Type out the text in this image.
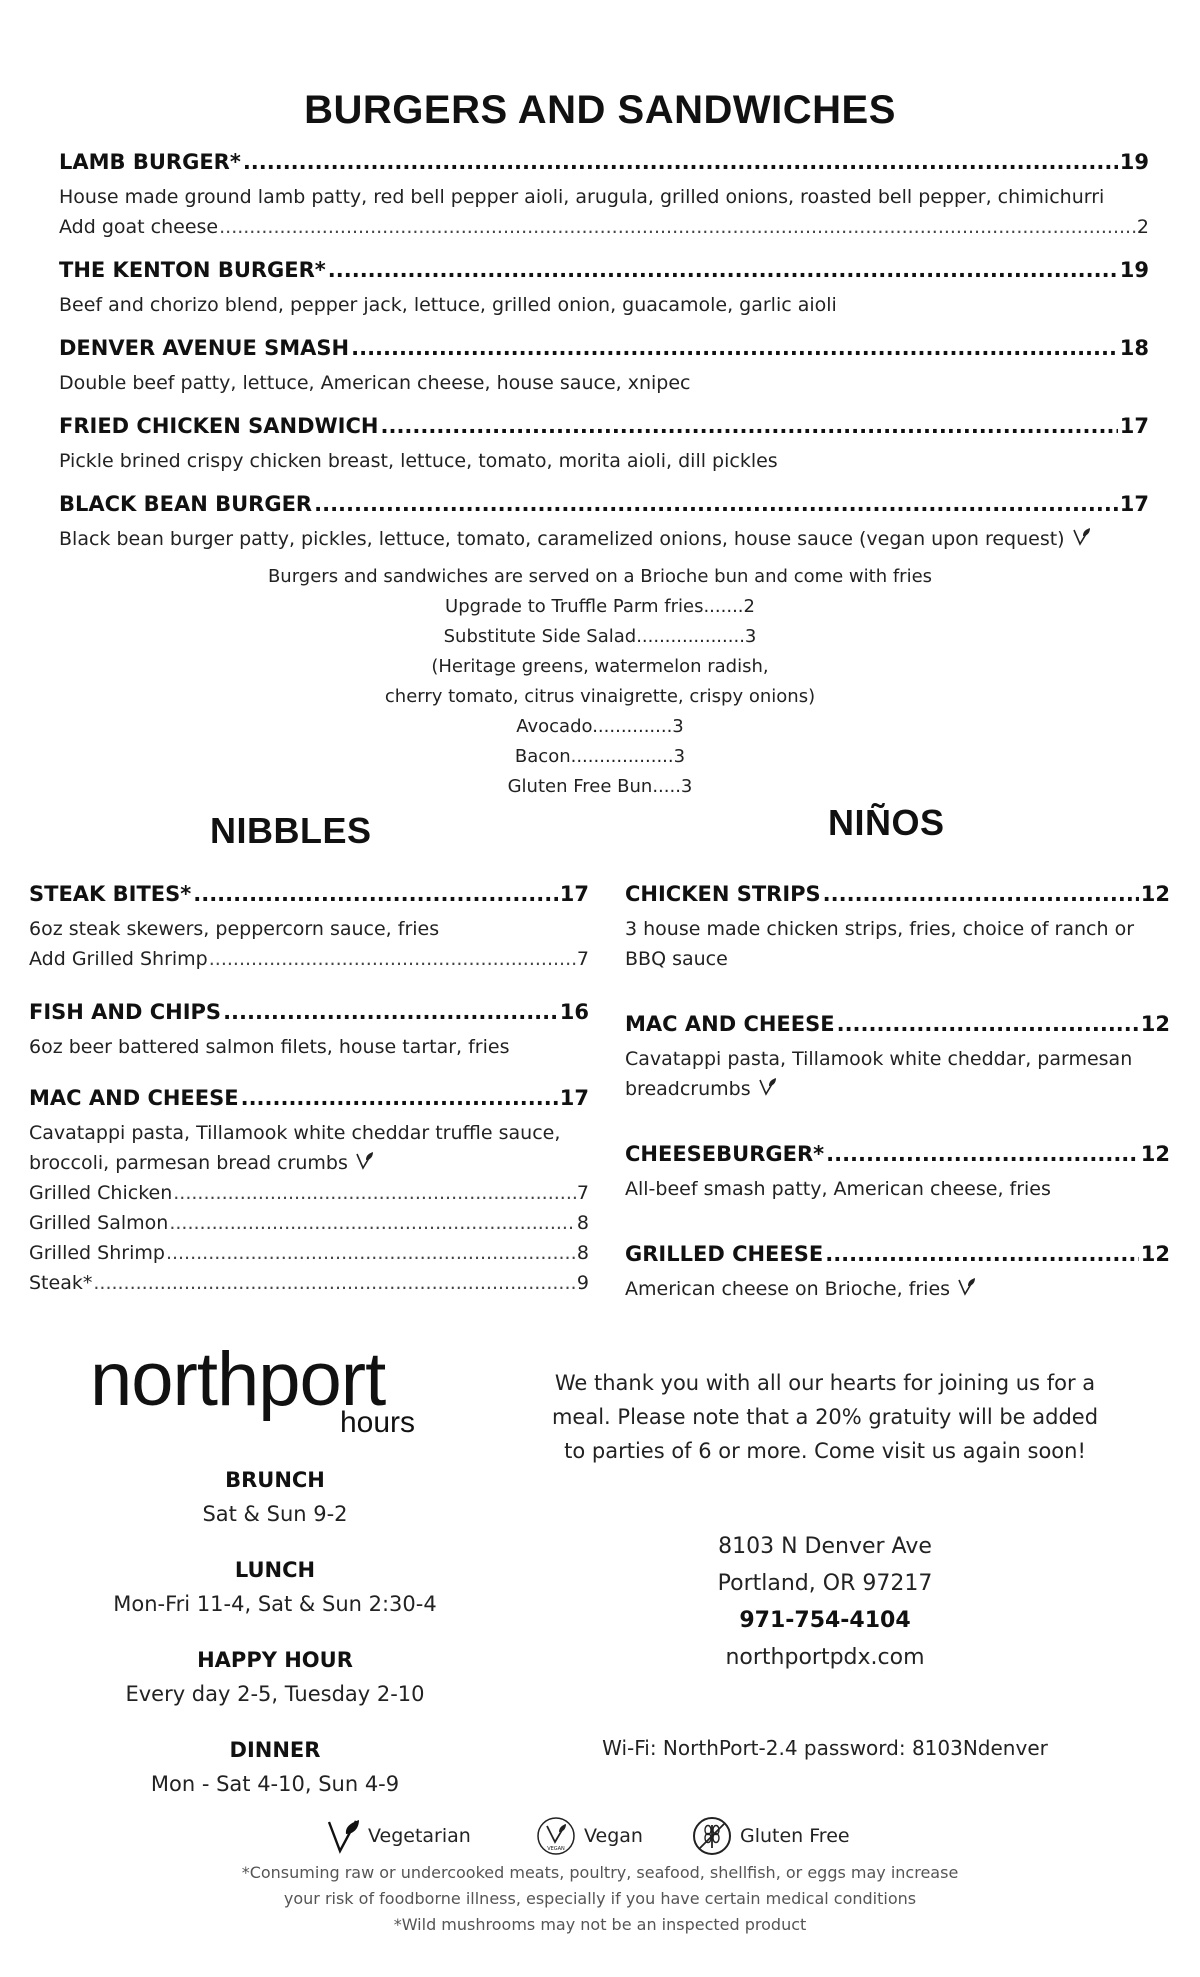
BURGERS AND SANDWICHES
LAMB BURGER* .....	19
House made ground lamb patty, red bell pepper aioli, arugula, grilled onions, roasted bell pepper, chimichurri
Add goat cheese .....	2
THE KENTON BURGER* .....	19
Beef and chorizo blend, pepper jack, lettuce, grilled onion, guacamole, garlic aioli
DENVER AVENUE SMASH .....	18
Double beef patty, lettuce, American cheese, house sauce, xnipec
FRIED CHICKEN SANDWICH .....	17
Pickle brined crispy chicken breast, lettuce, tomato, morita aioli, dill pickles
BLACK BEAN BURGER .....	17
Black bean burger patty, pickles, lettuce, tomato, caramelized onions, house sauce (vegan upon request)
Burgers and sandwiches are served on a Brioche bun and come with fries
Upgrade to Truffle Parm fries.......2
Substitute Side Salad...................3
(Heritage greens, watermelon radish,
cherry tomato, citrus vinaigrette, crispy onions)
Avocado..............3
Bacon..................3
Gluten Free Bun.....3
NIBBLES
STEAK BITES* .....	17
6oz steak skewers, peppercorn sauce, fries
Add Grilled Shrimp .....	7
FISH AND CHIPS .....	16
6oz beer battered salmon filets, house tartar, fries
MAC AND CHEESE .....	17
Cavatappi pasta, Tillamook white cheddar truffle sauce,
broccoli, parmesan bread crumbs
Grilled Chicken .....	7
Grilled Salmon .....	8
Grilled Shrimp .....	8
Steak* .....	9
NIÑOS
CHICKEN STRIPS .....	12
3 house made chicken strips, fries, choice of ranch or
BBQ sauce
MAC AND CHEESE .....	12
Cavatappi pasta, Tillamook white cheddar, parmesan
breadcrumbs
CHEESEBURGER* .....	12
All-beef smash patty, American cheese, fries
GRILLED CHEESE .....	12
American cheese on Brioche, fries
northport
hours
BRUNCH
Sat & Sun 9-2
LUNCH
Mon-Fri 11-4, Sat & Sun 2:30-4
HAPPY HOUR
Every day 2-5, Tuesday 2-10
DINNER
Mon - Sat 4-10, Sun 4-9
We thank you with all our hearts for joining us for a
meal. Please note that a 20% gratuity will be added
to parties of 6 or more. Come visit us again soon!
8103 N Denver Ave
Portland, OR 97217
971-754-4104
northportpdx.com
Wi-Fi: NorthPort-2.4 password: 8103Ndenver
Vegetarian
VEGAN
Vegan	Gluten Free
*Consuming raw or undercooked meats, poultry, seafood, shellfish, or eggs may increase
your risk of foodborne illness, especially if you have certain medical conditions
*Wild mushrooms may not be an inspected product
